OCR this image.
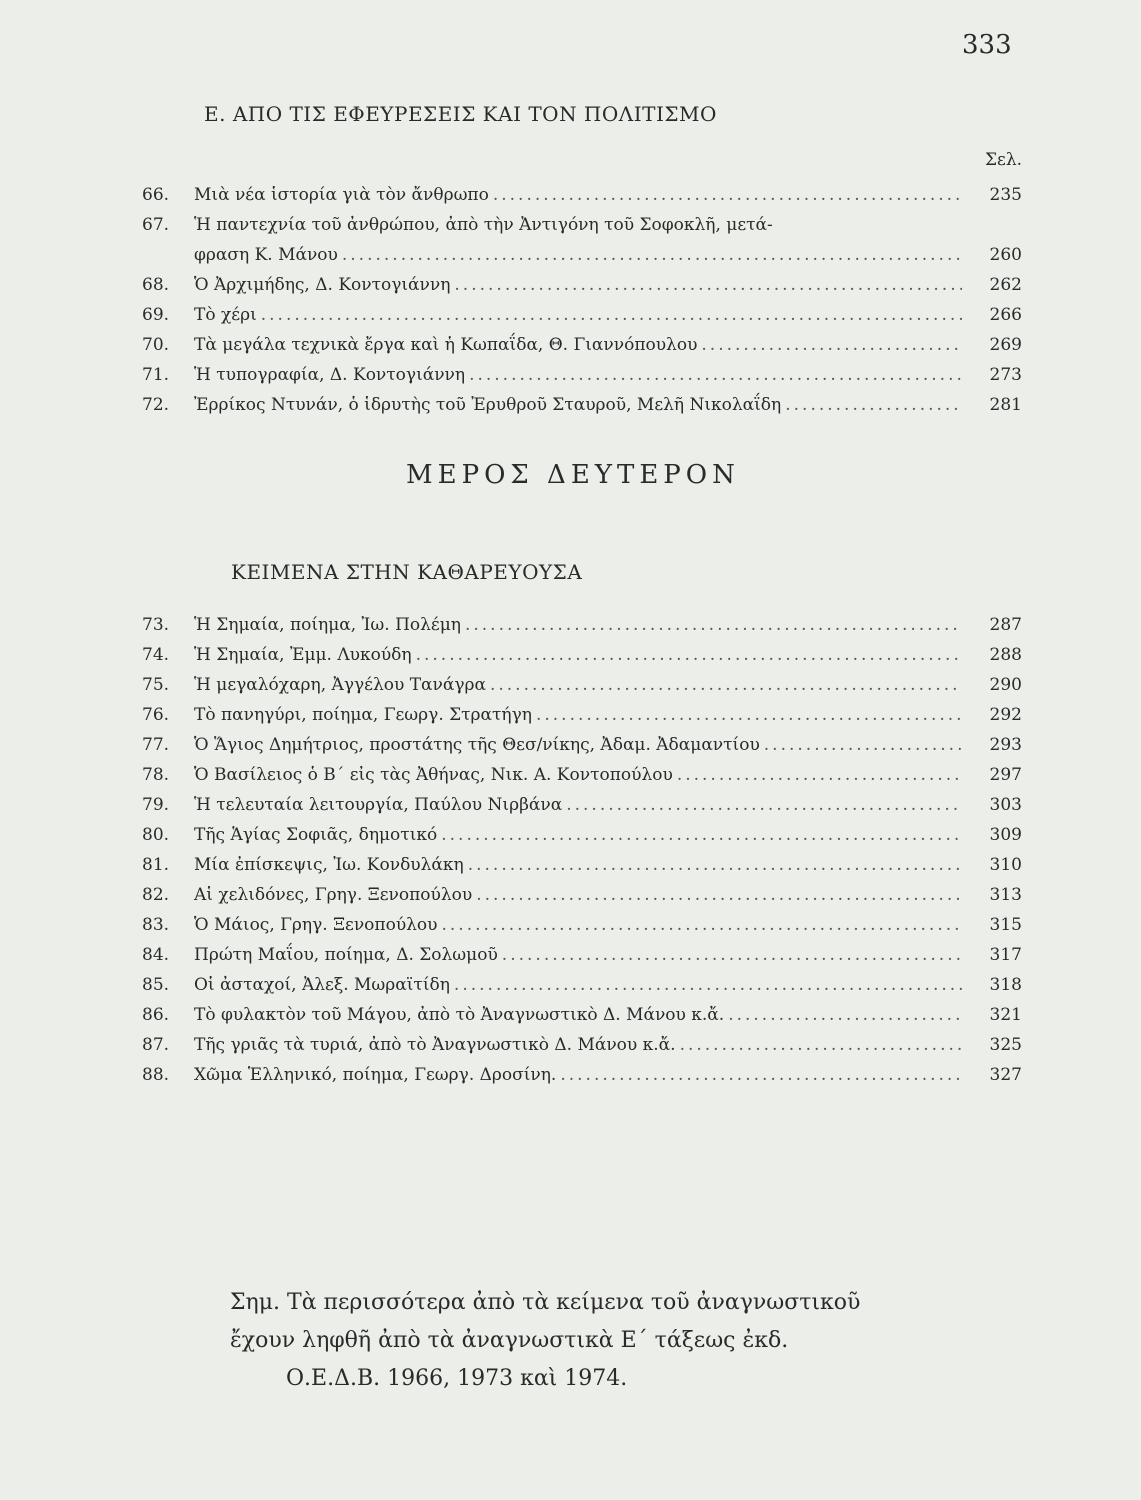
333
Ε. ΑΠΟ ΤΙΣ ΕΦΕΥΡΕΣΕΙΣ ΚΑΙ ΤΟΝ ΠΟΛΙΤΙΣΜΟ
Σελ.
66.	Μιὰ νέα ἱστορία γιὰ τὸν ἄνθρωπο .....	235
67.	Ἡ παντεχνία τοῦ ἀνθρώπου, ἀπὸ τὴν Ἀντιγόνη τοῦ Σοφοκλῆ, μετά-
φραση Κ. Μάνου .....	260
68.	Ὁ Ἀρχιμήδης, Δ. Κοντογιάννη .....	262
69.	Τὸ χέρι .....	266
70.	Τὰ μεγάλα τεχνικὰ ἔργα καὶ ἡ Κωπαΐδα, Θ. Γιαννόπουλου .....	269
71.	Ἡ τυπογραφία, Δ. Κοντογιάννη .....	273
72.	Ἐρρίκος Ντυνάν, ὁ ἱδρυτὴς τοῦ Ἐρυθροῦ Σταυροῦ, Μελῆ Νικολαΐδη .....	281
ΜΕΡΟΣ ΔΕΥΤΕΡΟΝ
ΚΕΙΜΕΝΑ ΣΤΗΝ ΚΑΘΑΡΕΥΟΥΣΑ
73.	Ἡ Σημαία, ποίημα, Ἰω. Πολέμη .....	287
74.	Ἡ Σημαία, Ἐμμ. Λυκούδη .....	288
75.	Ἡ μεγαλόχαρη, Ἀγγέλου Τανάγρα .....	290
76.	Τὸ πανηγύρι, ποίημα, Γεωργ. Στρατήγη .....	292
77.	Ὁ Ἅγιος Δημήτριος, προστάτης τῆς Θεσ/νίκης, Ἀδαμ. Ἀδαμαντίου .....	293
78.	Ὁ Βασίλειος ὁ Β΄ εἰς τὰς Ἀθήνας, Νικ. Α. Κοντοπούλου .....	297
79.	Ἡ τελευταία λειτουργία, Παύλου Νιρβάνα .....	303
80.	Τῆς Ἁγίας Σοφιᾶς, δημοτικό .....	309
81.	Μία ἐπίσκεψις, Ἰω. Κονδυλάκη .....	310
82.	Αἱ χελιδόνες, Γρηγ. Ξενοπούλου .....	313
83.	Ὁ Μάιος, Γρηγ. Ξενοπούλου .....	315
84.	Πρώτη Μαΐου, ποίημα, Δ. Σολωμοῦ .....	317
85.	Οἱ ἀσταχοί, Ἀλεξ. Μωραϊτίδη .....	318
86.	Τὸ φυλακτὸν τοῦ Μάγου, ἀπὸ τὸ Ἀναγνωστικὸ Δ. Μάνου κ.ἄ. .....	321
87.	Τῆς γριᾶς τὰ τυριά, ἀπὸ τὸ Ἀναγνωστικὸ Δ. Μάνου κ.ἄ. .....	325
88.	Χῶμα Ἑλληνικό, ποίημα, Γεωργ. Δροσίνη. .....	327
Σημ. Τὰ περισσότερα ἀπὸ τὰ κείμενα τοῦ ἀναγνωστικοῦ
ἔχουν ληφθῆ ἀπὸ τὰ ἀναγνωστικὰ Ε΄ τάξεως ἐκδ.
Ο.Ε.Δ.Β. 1966, 1973 καὶ 1974.
